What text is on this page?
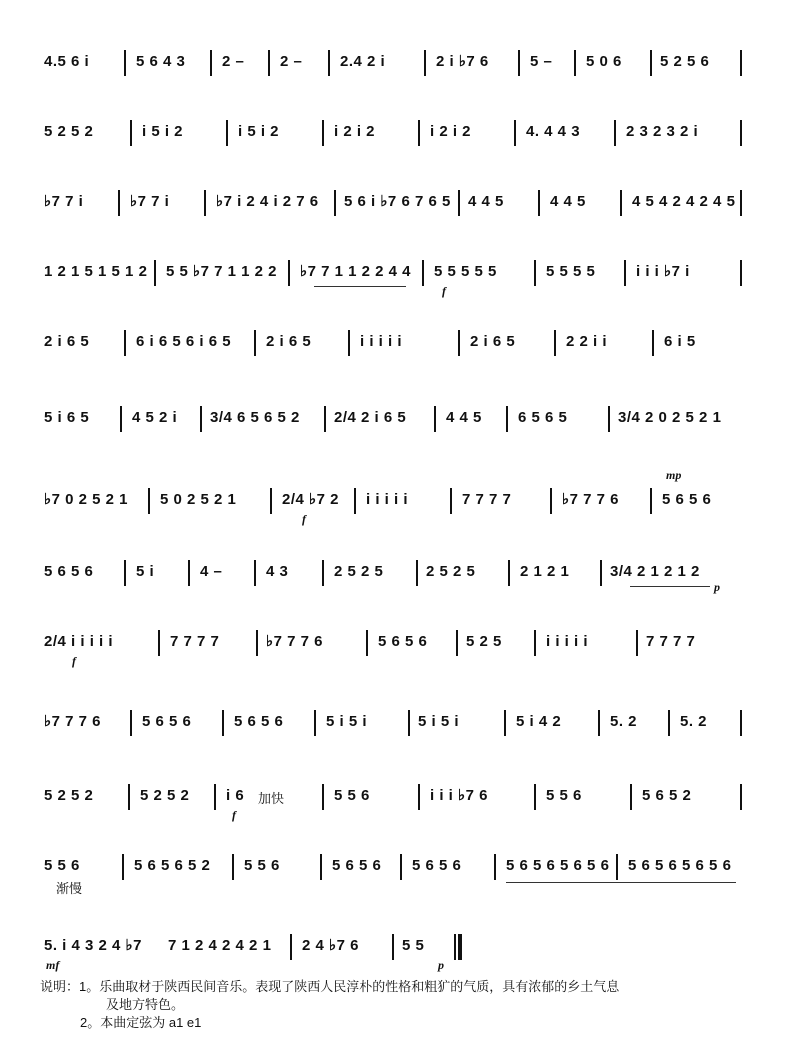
4.5 6 i	5 6 4 3 2 – 2 –	2.4 2 i	2 i ♭7 6	5 – 5 0 6	5 2 5 6
5 2 5 2	i 5 i 2	i 5 i 2	i 2 i 2	i 2 i 2	4. 4 4 3	2 3 2 3 2 i
♭7 7 i	♭7 7 i	♭7 i 2 4 i 2 7 6 5 6 i ♭7 6 7 6 5 4 4 5	4 4 5	4 5 4 2 4 2 4 5
1 2 1 5 1 5 1 2 5 5 ♭7 7 1 1 2 2 ♭7 7 1 1 2 2 4 4 5 5 5 5 5
f
5 5 5 5	i i i ♭7 i
2 i 6 5	6 i 6 5 6 i 6 5 2 i 6 5	i i i i i	2 i 6 5	2 2 i i	6 i 5
5 i 6 5	4 5 2 i 3/4 6 5 6 5 2 2/4 2 i 6 5	4 4 5 6 5 6 5	3/4 2 0 2 5 2 1
♭7 0 2 5 2 1 5 0 2 5 2 1	2/4 ♭7 2
f
i i i i i	7 7 7 7	♭7 7 7 6
mp
5 6 5 6
5 6 5 6	5 i	4 –	4 3	2 5 2 5	2 5 2 5	2 1 2 1	3/4 2 1 2 1 2
p
2/4 i i i i i
f
7 7 7 7	♭7 7 7 6	5 6 5 6	5 2 5	i i i i i	7 7 7 7
♭7 7 7 6	5 6 5 6	5 6 5 6	5 i 5 i	5 i 5 i	5 i 4 2	5. 2	5. 2
5 2 5 2	5 2 5 2 i 6 加快
f
5 5 6	i i i ♭7 6	5 5 6	5 6 5 2
5 5 6
渐慢
5 6 5 6 5 2 5 5 6	5 6 5 6 5 6 5 6	5 6 5 6 5 6 5 6 5 6 5 6 5 6 5 6
5. i 4 3 2 4 ♭7
mf
7 1 2 4 2 4 2 1 2 4 ♭7 6	5 5
p
说明：1。乐曲取材于陕西民间音乐。表现了陕西人民淳朴的性格和粗犷的气质，具有浓郁的乡土气息
及地方特色。
2。本曲定弦为 a1 e1
